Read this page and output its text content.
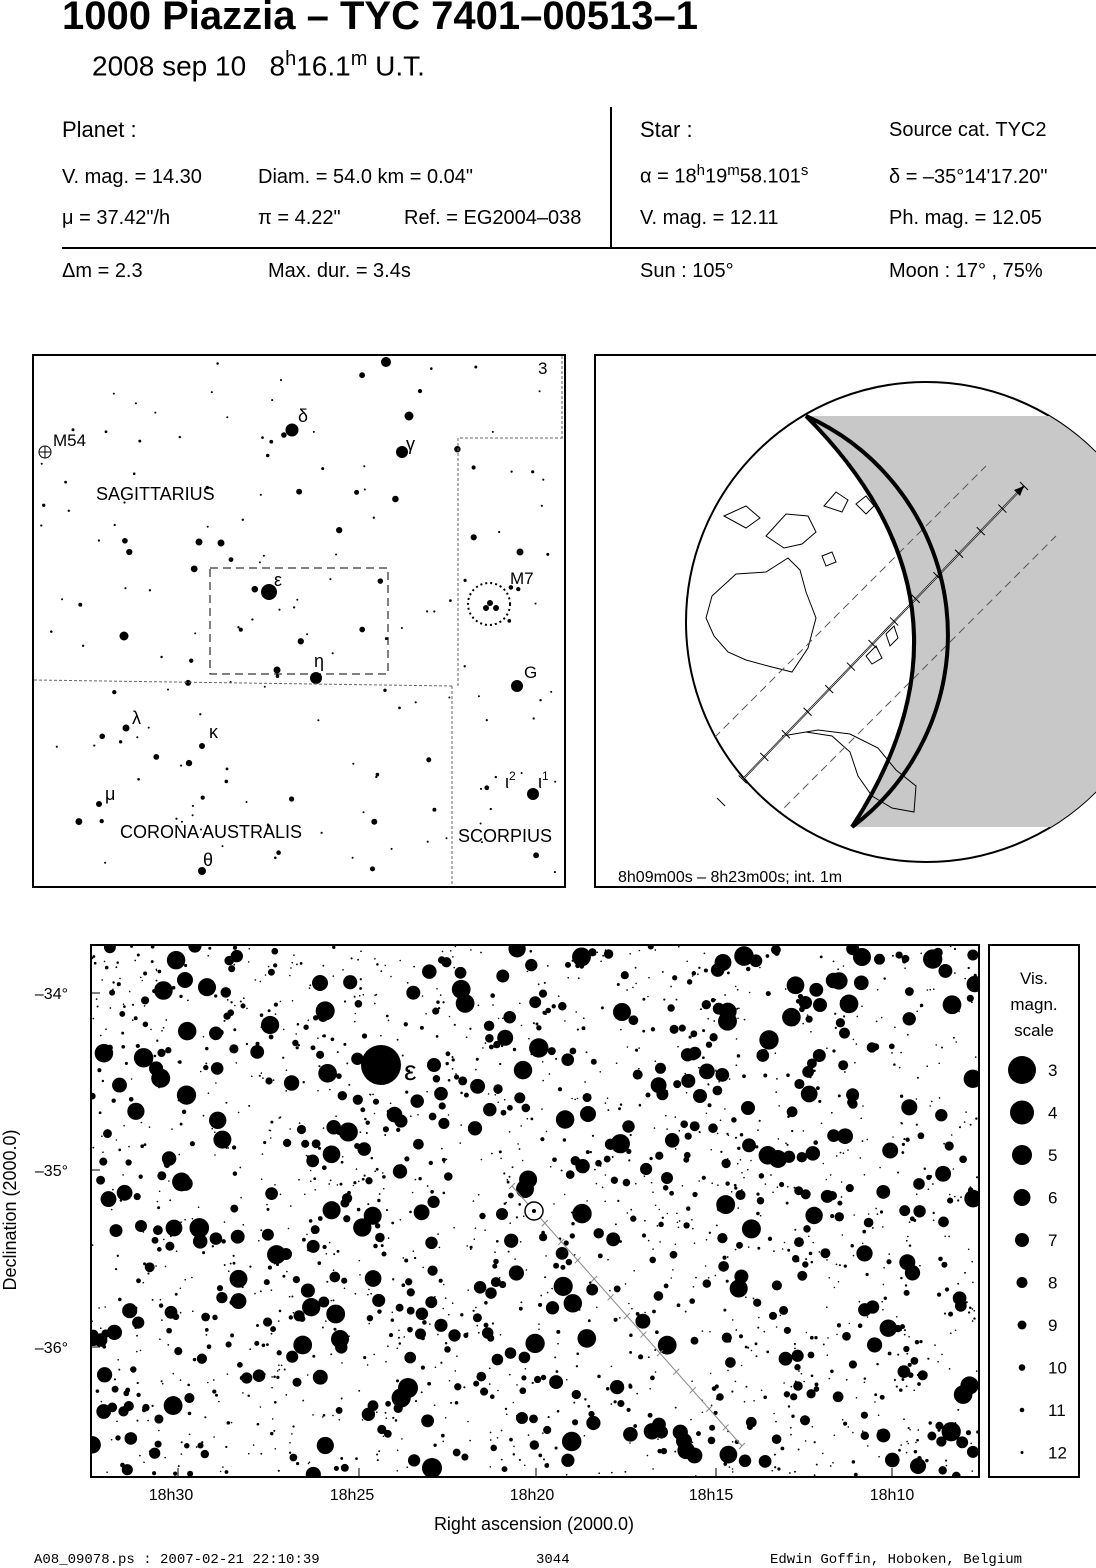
1000 Piazzia – TYC 7401–00513–1
2008 sep 10 8$^h$16.1$^m$ U.T.
Planet :
V. mag. = 14.30	Diam. = 54.0 km = 0.04"
μ = 37.42"/h	π = 4.22"	Ref. = EG2004–038
Δm = 2.3	Max. dur. = 3.4s
Star :	Source cat. TYC2
$\alpha = 18^h19^m58.101^s$	δ = –35°14'17.20"
V. mag. = 12.11	Ph. mag. = 12.05
Sun : 105°	Moon : 17° , 75%
SAGITTARIUS
CORONA AUSTRALIS	SCORPIUS
M54
M7
3
G
δ
γ
ε
η
λ
κ
μ
θ
$\iota^2$ $\iota^1$
8h09m00s – 8h23m00s; int. 1m
Declination (2000.0)
–34°
–35°
–36°
ε
18h30	18h25	18h20	18h15	18h10
Right ascension (2000.0)
Vis.
magn.
scale
3
4
5
6
7
8
9
10
11
12
A08_09078.ps : 2007-02-21 22:10:39	3044	Edwin Goffin, Hoboken, Belgium
